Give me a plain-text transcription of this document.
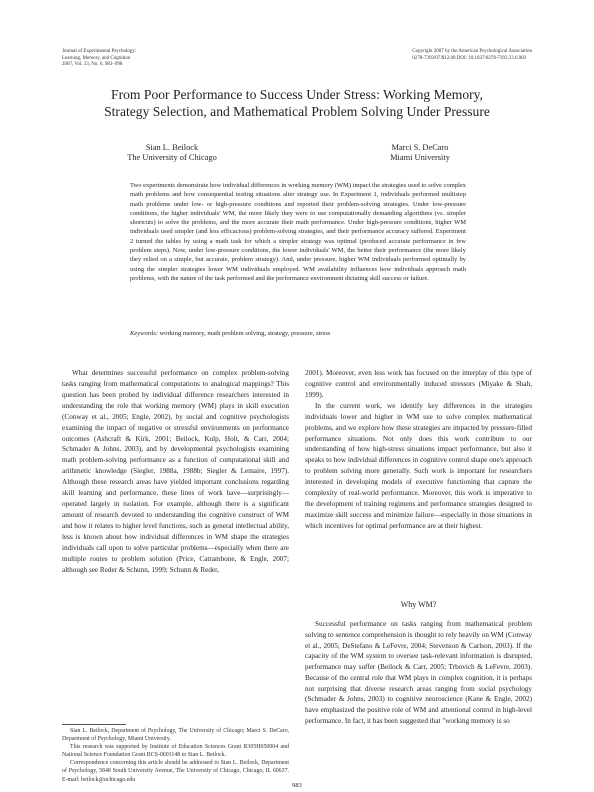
Journal of Experimental Psychology:
Learning, Memory, and Cognition
2007, Vol. 33, No. 6, 983–998
Copyright 2007 by the American Psychological Association
0278-7393/07/$12.00 DOI: 10.1037/0278-7393.33.6.983
From Poor Performance to Success Under Stress: Working Memory,
Strategy Selection, and Mathematical Problem Solving Under Pressure
Sian L. Beilock
The University of Chicago
Marci S. DeCaro
Miami University
Two experiments demonstrate how individual differences in working memory (WM) impact the strategies used to solve complex math problems and how consequential testing situations alter strategy use. In Experiment 1, individuals performed multistep math problems under low- or high-pressure conditions and reported their problem-solving strategies. Under low-pressure conditions, the higher individuals' WM, the more likely they were to use computationally demanding algorithms (vs. simpler shortcuts) to solve the problems, and the more accurate their math performance. Under high-pressure conditions, higher WM individuals used simpler (and less efficacious) problem-solving strategies, and their performance accuracy suffered. Experiment 2 turned the tables by using a math task for which a simpler strategy was optimal (produced accurate performance in few problem steps). Now, under low-pressure conditions, the lower individuals' WM, the better their performance (the more likely they relied on a simple, but accurate, problem strategy). And, under pressure, higher WM individuals performed optimally by using the simpler strategies lower WM individuals employed. WM availability influences how individuals approach math problems, with the nature of the task performed and the performance environment dictating skill success or failure.
Keywords: working memory, math problem solving, strategy, pressure, stress

What determines successful performance on complex problem-solving tasks ranging from mathematical computations to analogical mappings? This question has been probed by individual difference researchers interested in understanding the role that working memory (WM) plays in skill execution (Conway et al., 2005; Engle, 2002), by social and cognitive psychologists examining the impact of negative or stressful environments on performance outcomes (Ashcraft & Kirk, 2001; Beilock, Kulp, Holt, & Carr, 2004; Schmader & Johns, 2003), and by developmental psychologists examining math problem-solving performance as a function of computational skill and arithmetic knowledge (Siegler, 1988a, 1988b; Siegler & Lemaire, 1997). Although these research areas have yielded important conclusions regarding skill learning and performance, these lines of work have—surprisingly—operated largely in isolation. For example, although there is a significant amount of research devoted to understanding the cognitive construct of WM and how it relates to higher level functions, such as general intellectual ability, less is known about how individual differences in WM shape the strategies individuals call upon to solve particular problems—especially when there are multiple routes to problem solution (Price, Catrambone, & Engle, 2007; although see Reder & Schunn, 1999; Schunn & Reder,

2001). Moreover, even less work has focused on the interplay of this type of cognitive control and environmentally induced stressors (Miyake & Shah, 1999).

In the current work, we identify key differences in the strategies individuals lower and higher in WM use to solve complex mathematical problems, and we explore how these strategies are impacted by pressure-filled performance situations. Not only does this work contribute to our understanding of how high-stress situations impact performance, but also it speaks to how individual differences in cognitive control shape one's approach to problem solving more generally. Such work is important for researchers interested in developing models of executive functioning that capture the complexity of real-world performance. Moreover, this work is imperative to the development of training regimens and performance strategies designed to maximize skill success and minimize failure—especially in those situations in which incentives for optimal performance are at their highest.

Why WM?

Successful performance on tasks ranging from mathematical problem solving to sentence comprehension is thought to rely heavily on WM (Conway et al., 2005; DeStefano & LeFevre, 2004; Stevenson & Carlson, 2003). If the capacity of the WM system to oversee task-relevant information is disrupted, performance may suffer (Beilock & Carr, 2005; Trbovich & LeFevre, 2003). Because of the central role that WM plays in complex cognition, it is perhaps not surprising that diverse research areas ranging from social psychology (Schmader & Johns, 2003) to cognitive neuroscience (Kane & Engle, 2002) have emphasized the positive role of WM and attentional control in high-level performance. In fact, it has been suggested that "working memory is so

Sian L. Beilock, Department of Psychology, The University of Chicago; Marci S. DeCaro, Department of Psychology, Miami University.

This research was supported by Institute of Education Sciences Grant R305H050004 and National Science Foundation Grant BCS-0601148 to Sian L. Beilock.

Correspondence concerning this article should be addressed to Sian L. Beilock, Department of Psychology, 5848 South University Avenue, The University of Chicago, Chicago, IL 60637. E-mail: beilock@uchicago.edu

983
